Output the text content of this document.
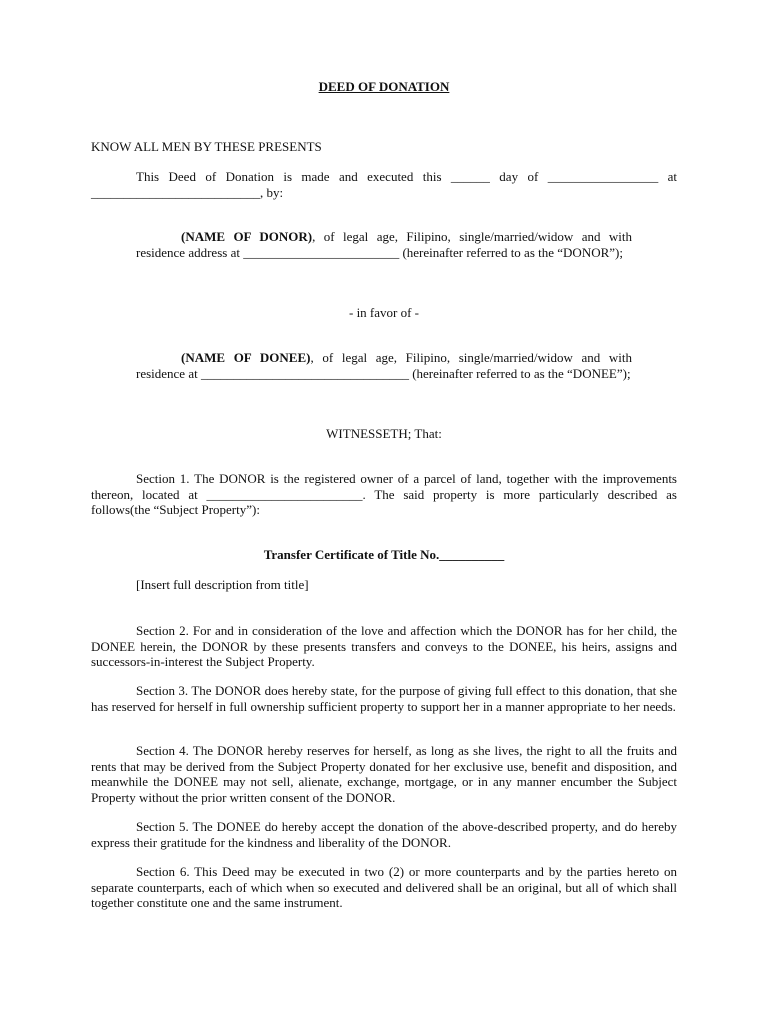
DEED OF DONATION

KNOW ALL MEN BY THESE PRESENTS

This Deed of Donation is made and executed this ______ day of _________________ at __________________________, by:

(NAME OF DONOR), of legal age, Filipino, single/married/widow and with residence address at ________________________ (hereinafter referred to as the “DONOR”);

- in favor of -

(NAME OF DONEE), of legal age, Filipino, single/married/widow and with residence at ________________________________ (hereinafter referred to as the “DONEE”);

WITNESSETH; That:

Section 1. The DONOR is the registered owner of a parcel of land, together with the improvements thereon, located at ________________________. The said property is more particularly described as follows(the “Subject Property”):

Transfer Certificate of Title No.__________

[Insert full description from title]

Section 2. For and in consideration of the love and affection which the DONOR has for her child, the DONEE herein, the DONOR by these presents transfers and conveys to the DONEE, his heirs, assigns and successors-in-interest the Subject Property.

Section 3. The DONOR does hereby state, for the purpose of giving full effect to this donation, that she has reserved for herself in full ownership sufficient property to support her in a manner appropriate to her needs.

Section 4. The DONOR hereby reserves for herself, as long as she lives, the right to all the fruits and rents that may be derived from the Subject Property donated for her exclusive use, benefit and disposition, and meanwhile the DONEE may not sell, alienate, exchange, mortgage, or in any manner encumber the Subject Property without the prior written consent of the DONOR.

Section 5. The DONEE do hereby accept the donation of the above-described property, and do hereby express their gratitude for the kindness and liberality of the DONOR.

Section 6. This Deed may be executed in two (2) or more counterparts and by the parties hereto on separate counterparts, each of which when so executed and delivered shall be an original, but all of which shall together constitute one and the same instrument.
